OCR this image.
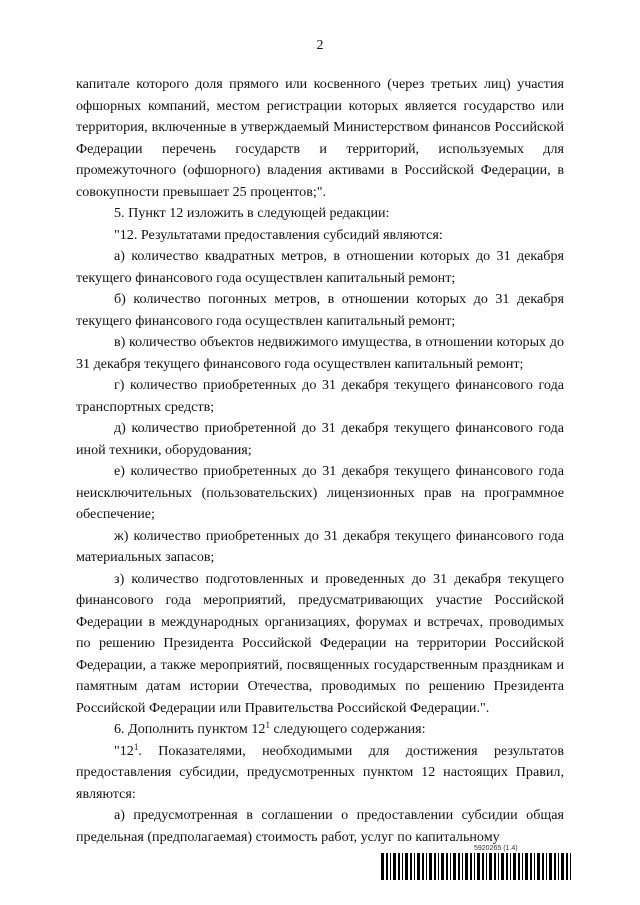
2

капитале которого доля прямого или косвенного (через третьих лиц) участия офшорных компаний, местом регистрации которых является государство или территория, включенные в утверждаемый Министерством финансов Российской Федерации перечень государств и территорий, используемых для промежуточного (офшорного) владения активами в Российской Федерации, в совокупности превышает 25 процентов;".

5. Пункт 12 изложить в следующей редакции:

"12. Результатами предоставления субсидий являются:

а) количество квадратных метров, в отношении которых до 31 декабря текущего финансового года осуществлен капитальный ремонт;

б) количество погонных метров, в отношении которых до 31 декабря текущего финансового года осуществлен капитальный ремонт;

в) количество объектов недвижимого имущества, в отношении которых до 31 декабря текущего финансового года осуществлен капитальный ремонт;

г) количество приобретенных до 31 декабря текущего финансового года транспортных средств;

д) количество приобретенной до 31 декабря текущего финансового года иной техники, оборудования;

е) количество приобретенных до 31 декабря текущего финансового года неисключительных (пользовательских) лицензионных прав на программное обеспечение;

ж) количество приобретенных до 31 декабря текущего финансового года материальных запасов;

з) количество подготовленных и проведенных до 31 декабря текущего финансового года мероприятий, предусматривающих участие Российской Федерации в международных организациях, форумах и встречах, проводимых по решению Президента Российской Федерации на территории Российской Федерации, а также мероприятий, посвященных государственным праздникам и памятным датам истории Отечества, проводимых по решению Президента Российской Федерации или Правительства Российской Федерации.".

6. Дополнить пунктом $12^1$ следующего содержания:

"$12^1$. Показателями, необходимыми для достижения результатов предоставления субсидии, предусмотренных пунктом 12 настоящих Правил, являются:

а) предусмотренная в соглашении о предоставлении субсидии общая предельная (предполагаемая) стоимость работ, услуг по капитальному

5920265 (1.4)
